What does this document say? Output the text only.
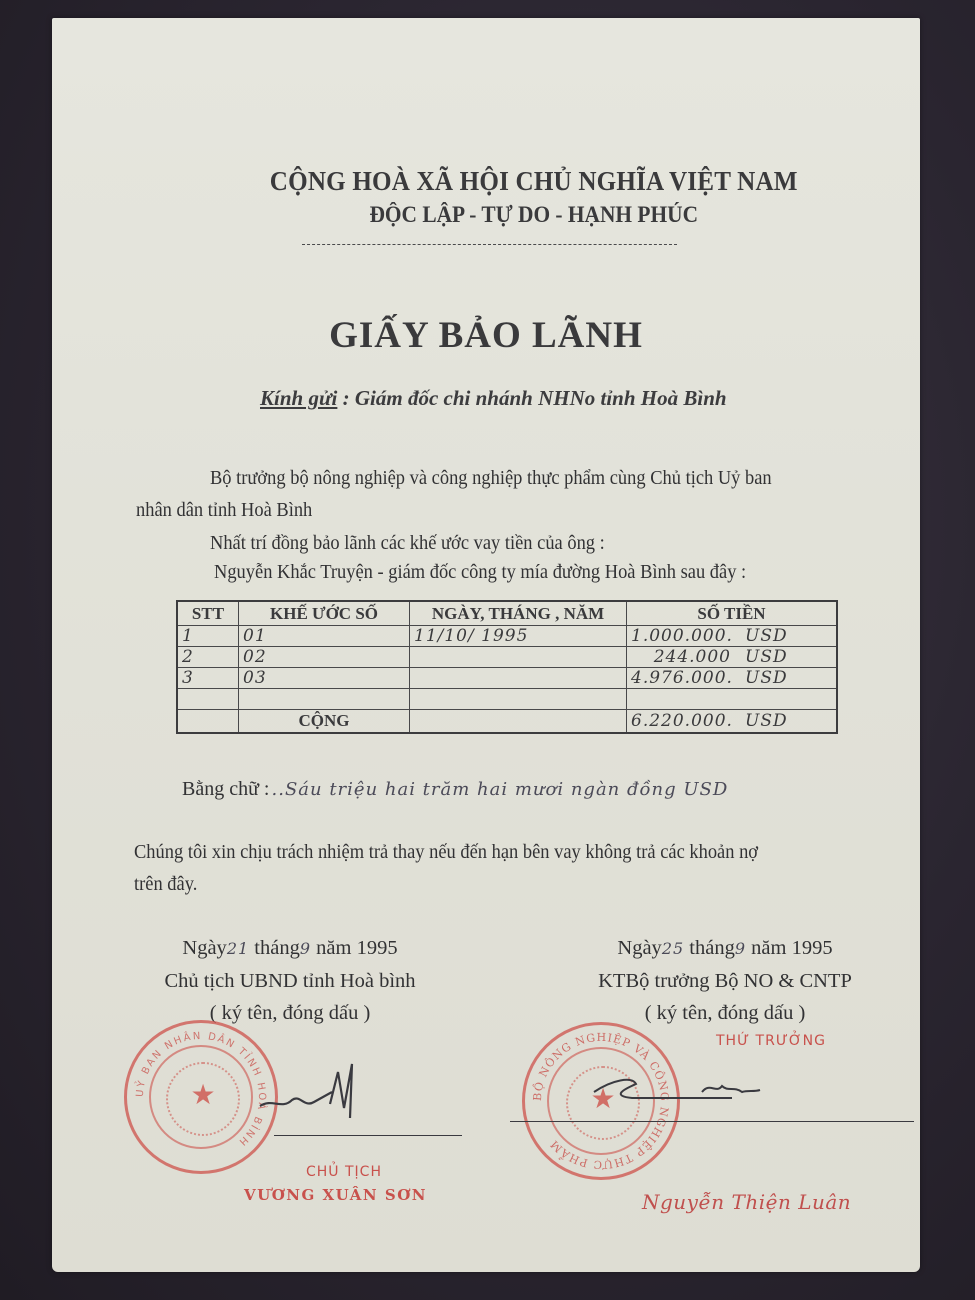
CỘNG HOÀ XÃ HỘI CHỦ NGHĨA VIỆT NAM
ĐỘC LẬP - TỰ DO - HẠNH PHÚC
GIẤY BẢO LÃNH
Kính gửi : Giám đốc chi nhánh NHNo tỉnh Hoà Bình
Bộ trưởng bộ nông nghiệp và công nghiệp thực phẩm cùng Chủ tịch Uỷ ban
nhân dân tỉnh Hoà Bình
Nhất trí đồng bảo lãnh các khế ước vay tiền của ông :
Nguyễn Khắc Truyện - giám đốc công ty mía đường Hoà Bình sau đây :
STT	KHẾ ƯỚC SỐ	NGÀY, THÁNG , NĂM	SỐ TIỀN
1	01	11/10/ 1995	1.000.000. USD
2	02		244.000 USD
3	03		4.976.000. USD

	CỘNG		6.220.000. USD
Bằng chữ : ..Sáu triệu hai trăm hai mươi ngàn đồng USD
Chúng tôi xin chịu trách nhiệm trả thay nếu đến hạn bên vay không trả các khoản nợ
trên đây.
Ngày21 tháng9 năm 1995
Chủ tịch UBND tỉnh Hoà bình
( ký tên, đóng dấu )
UỶ BAN NHÂN DÂN TỈNH HOÀ BÌNH
★
CHỦ TỊCH
VƯƠNG XUÂN SƠN
Ngày25 tháng9 năm 1995
KTBộ trưởng Bộ NO & CNTP
( ký tên, đóng dấu )
THỨ TRƯỞNG
BỘ NÔNG NGHIỆP VÀ CÔNG NGHIỆP THỰC PHẨM
★
Nguyễn Thiện Luân
